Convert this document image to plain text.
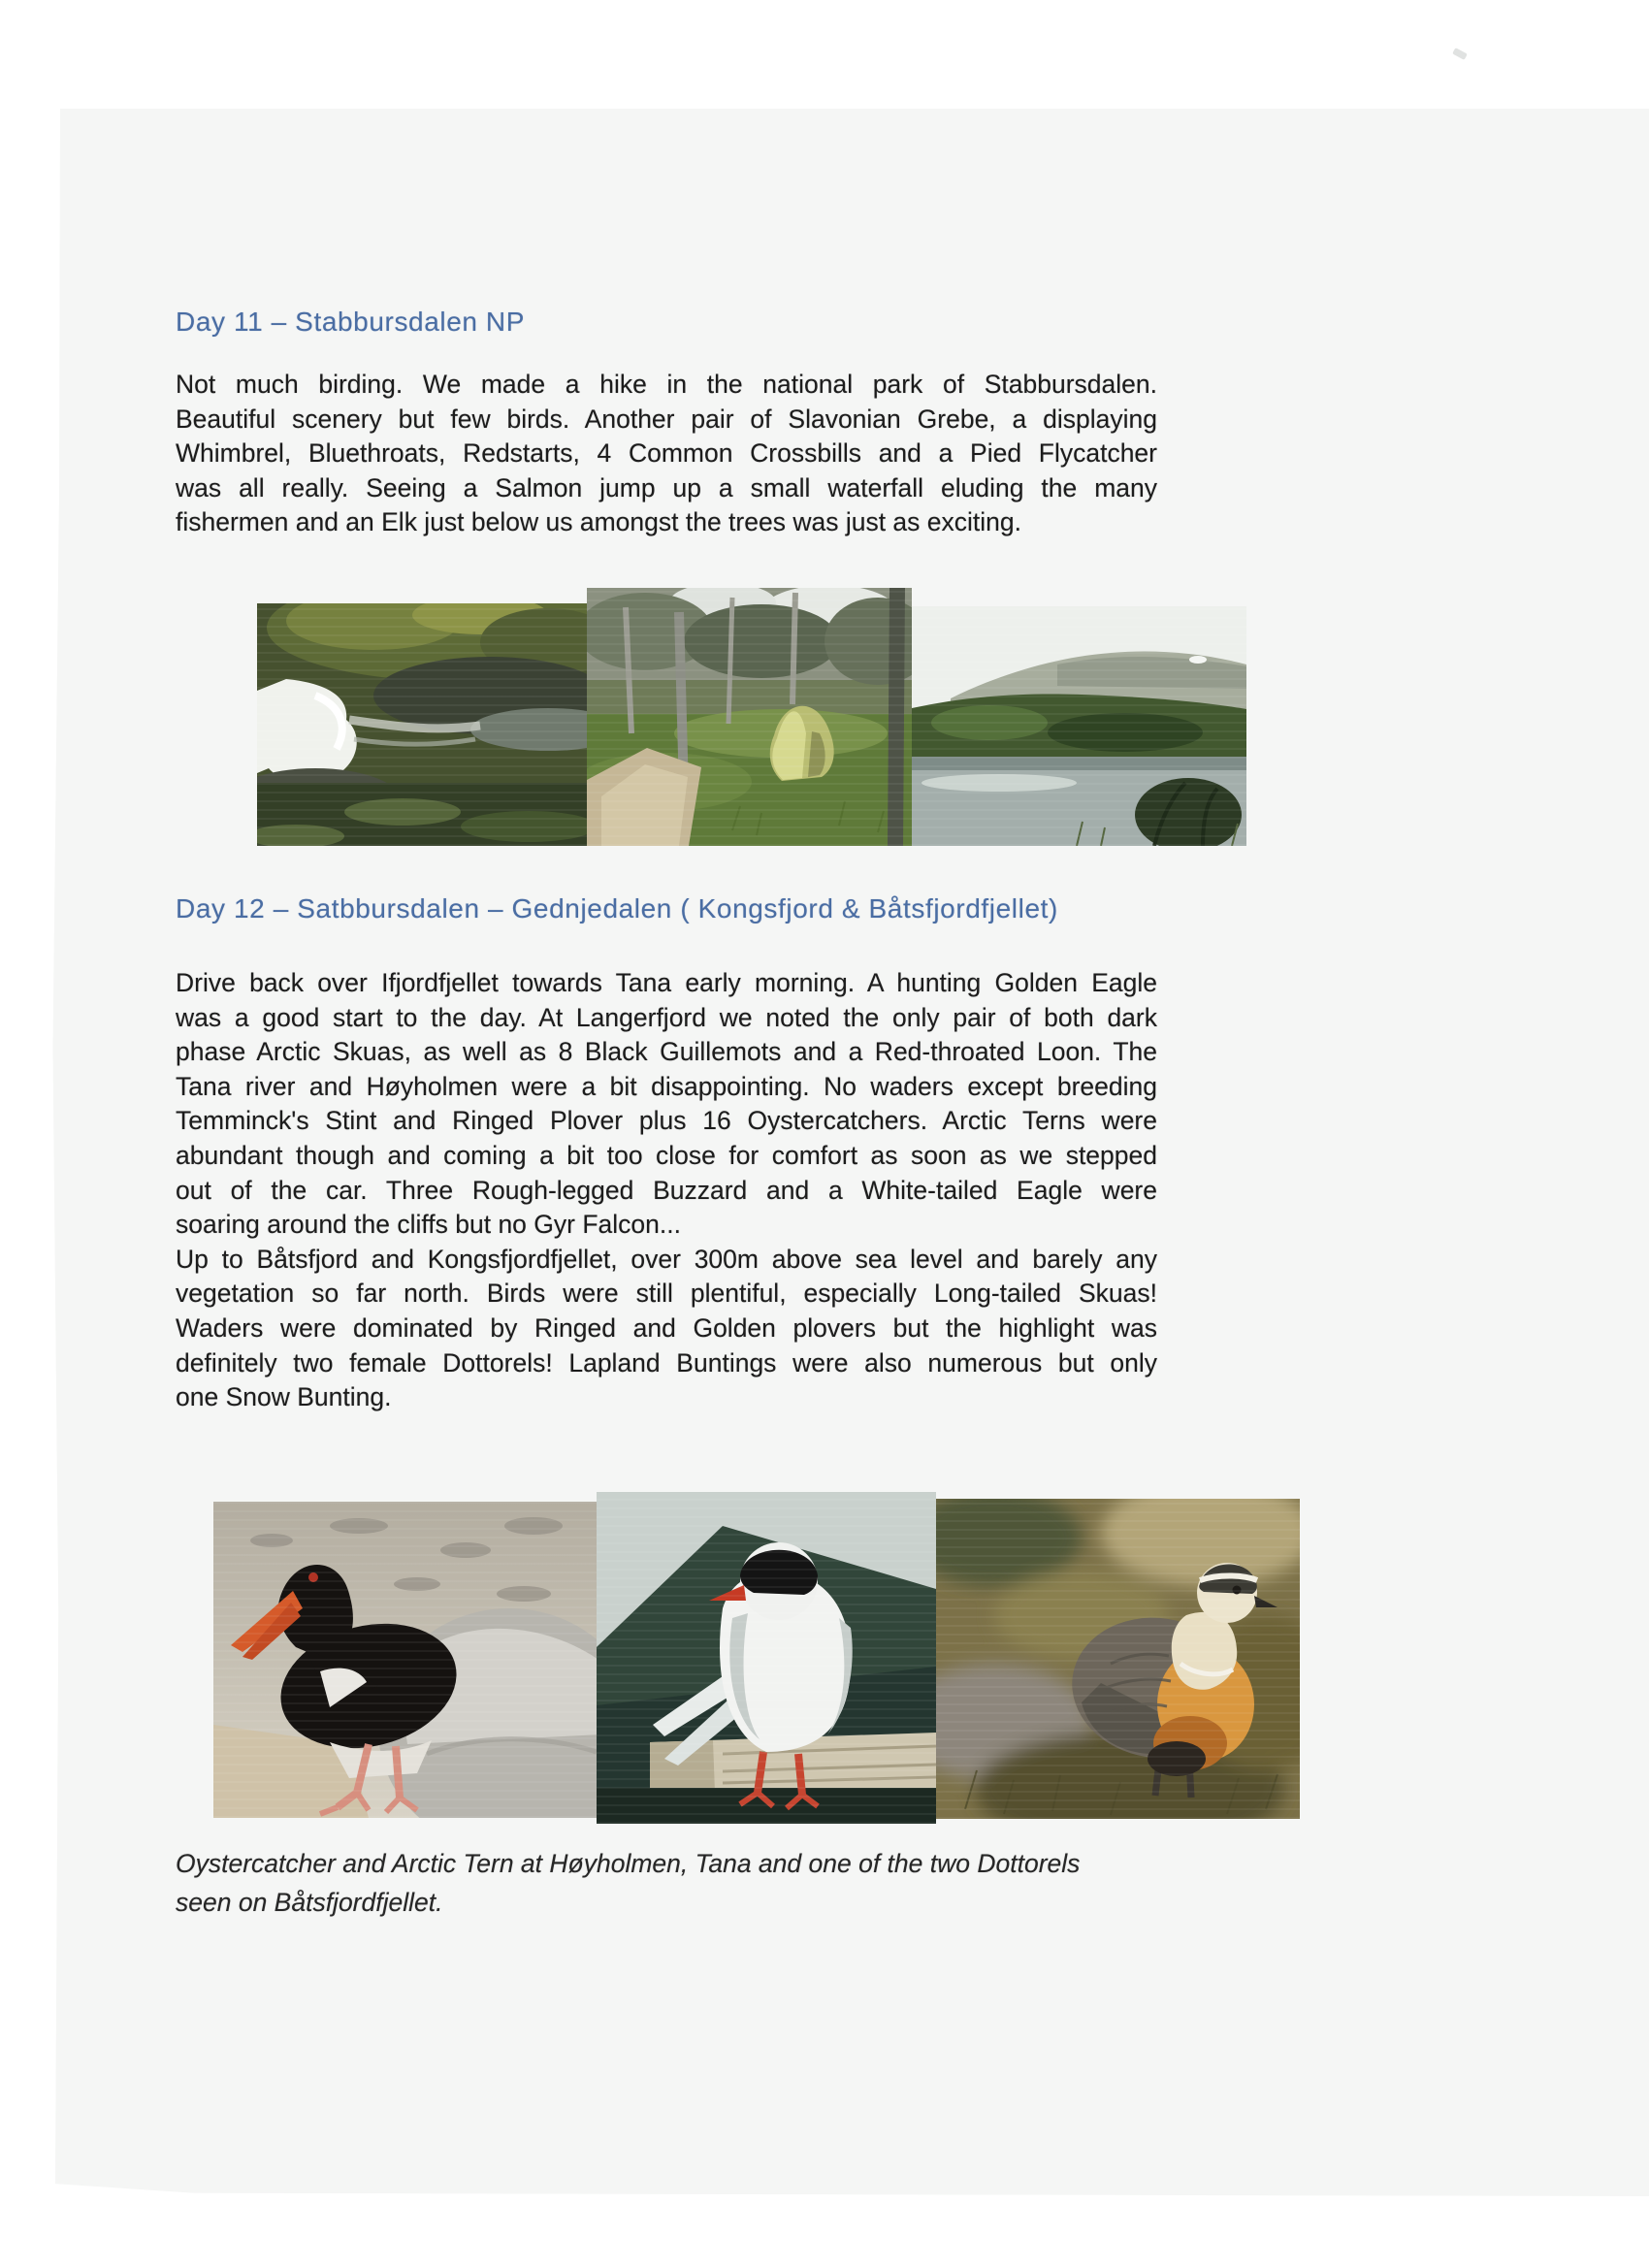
Day 11 – Stabbursdalen NP
Not much birding. We made a hike in the national park of Stabbursdalen.
Beautiful scenery but few birds. Another pair of Slavonian Grebe, a displaying
Whimbrel, Bluethroats, Redstarts, 4 Common Crossbills and a Pied Flycatcher
was all really. Seeing a Salmon jump up a small waterfall eluding the many
fishermen and an Elk just below us amongst the trees was just as exciting.
Day 12 – Satbbursdalen – Gednjedalen ( Kongsfjord & Båtsfjordfjellet)
Drive back over Ifjordfjellet towards Tana early morning. A hunting Golden Eagle
was a good start to the day. At Langerfjord we noted the only pair of both dark
phase Arctic Skuas, as well as 8 Black Guillemots and a Red-throated Loon. The
Tana river and Høyholmen were a bit disappointing. No waders except breeding
Temminck's Stint and Ringed Plover plus 16 Oystercatchers. Arctic Terns were
abundant though and coming a bit too close for comfort as soon as we stepped
out of the car. Three Rough-legged Buzzard and a White-tailed Eagle were
soaring around the cliffs but no Gyr Falcon...
Up to Båtsfjord and Kongsfjordfjellet, over 300m above sea level and barely any
vegetation so far north. Birds were still plentiful, especially Long-tailed Skuas!
Waders were dominated by Ringed and Golden plovers but the highlight was
definitely two female Dottorels! Lapland Buntings were also numerous but only
one Snow Bunting.
Oystercatcher and Arctic Tern at Høyholmen, Tana and one of the two Dottorels
seen on Båtsfjordfjellet.
